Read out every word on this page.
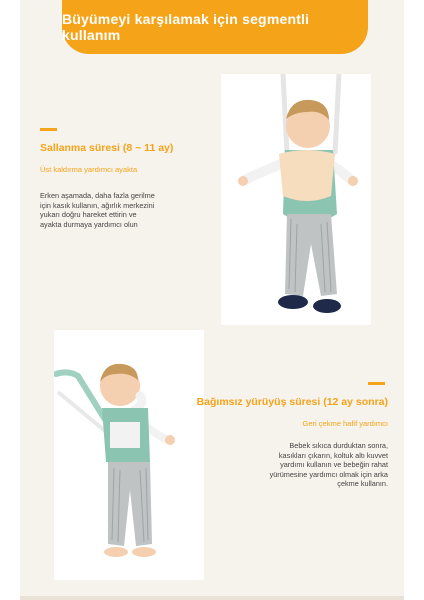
Büyümeyi karşılamak için segmentli kullanım
Sallanma süresi (8 ~ 11 ay)
Üst kaldırma yardımcı ayakta
Erken aşamada, daha fazla gerilme
için kasık kullanın, ağırlık merkezini
yukarı doğru hareket ettirin ve
ayakta durmaya yardımcı olun
Bağımsız yürüyüş süresi (12 ay sonra)
Geri çekme hafif yardımcı
Bebek sıkıca durduktan sonra,
kasıkları çıkarın, koltuk altı kuvvet
yardımı kullanın ve bebeğin rahat
yürümesine yardımcı olmak için arka
çekme kullanın.
